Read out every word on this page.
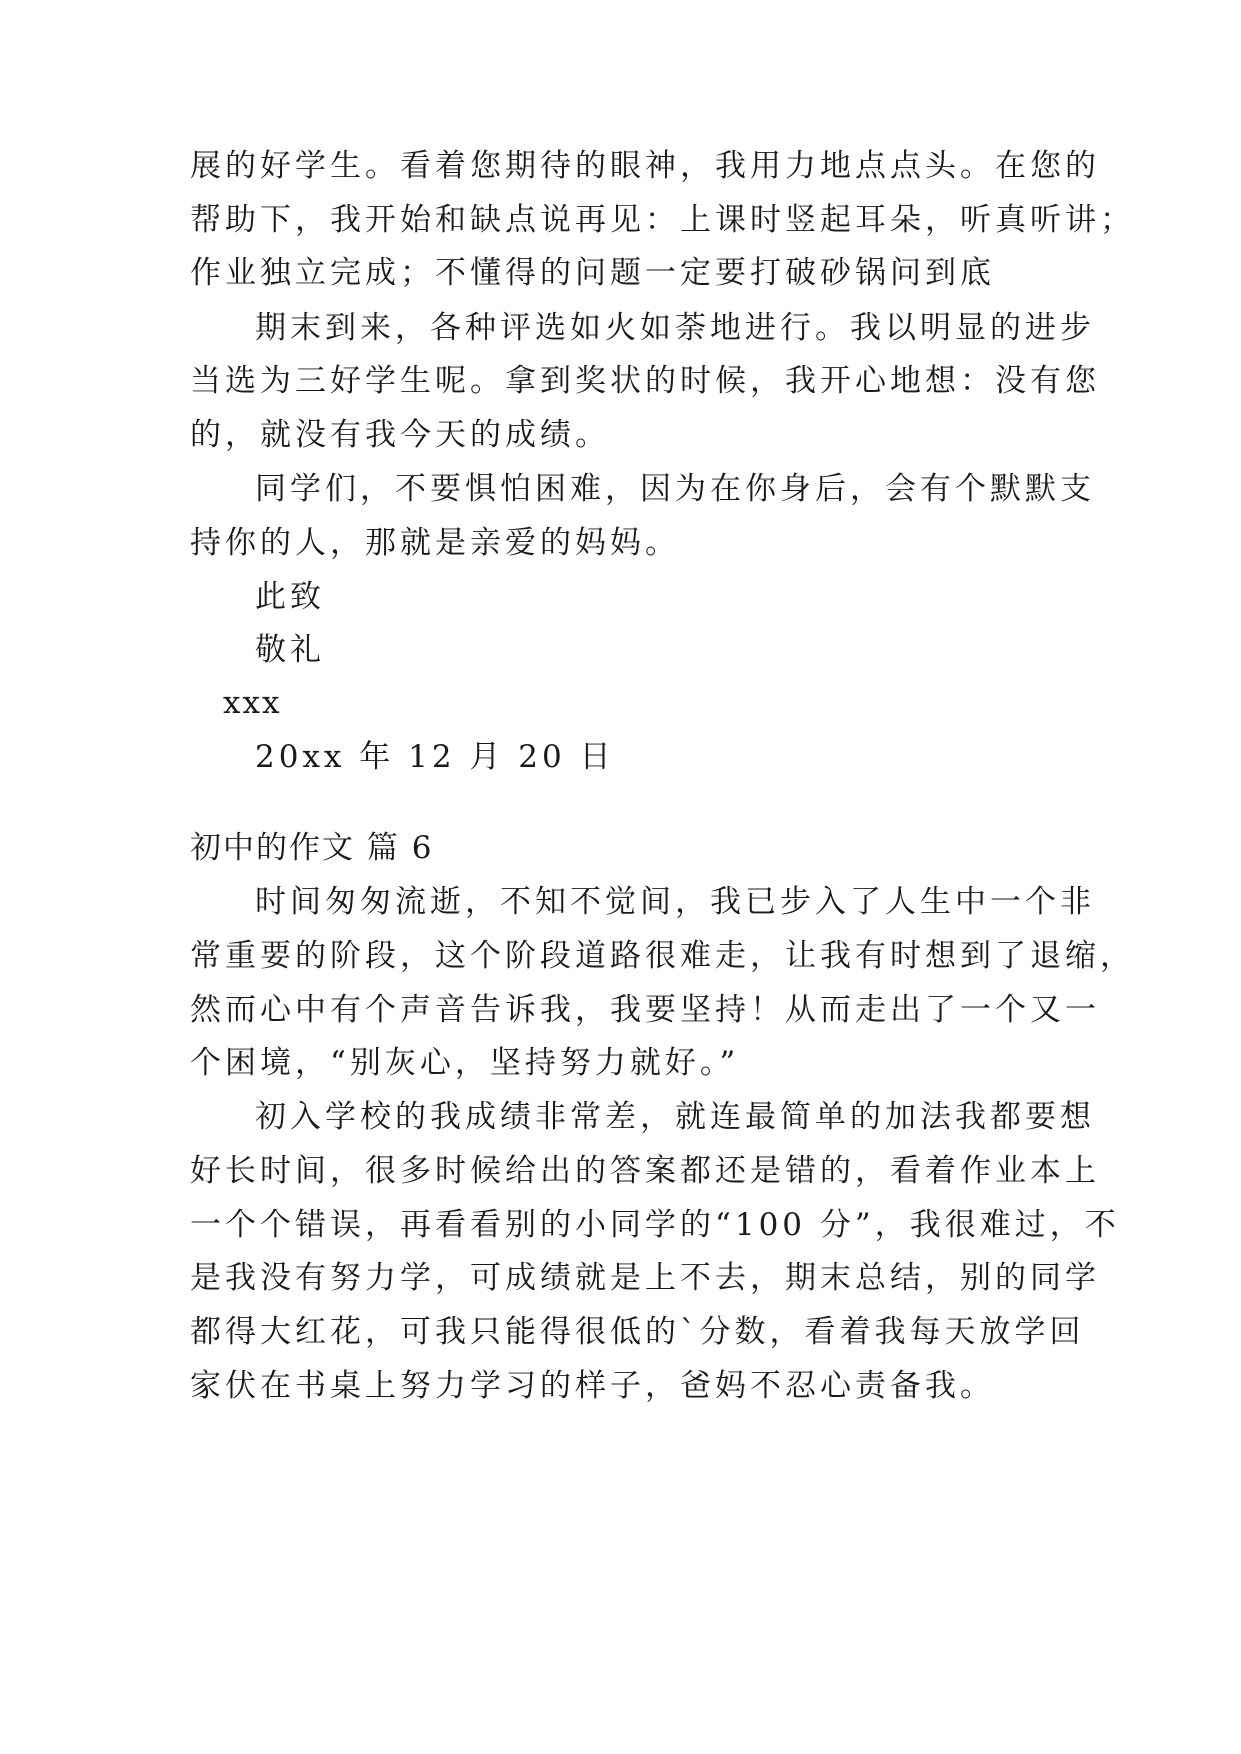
展的好学生。看着您期待的眼神，我用力地点点头。在您的
帮助下，我开始和缺点说再见：上课时竖起耳朵，听真听讲；
作业独立完成；不懂得的问题一定要打破砂锅问到底
期末到来，各种评选如火如荼地进行。我以明显的进步
当选为三好学生呢。拿到奖状的时候，我开心地想：没有您
的，就没有我今天的成绩。
同学们，不要惧怕困难，因为在你身后，会有个默默支
持你的人，那就是亲爱的妈妈。
此致
敬礼
xxx
20xx 年 12 月 20 日
初中的作文 篇 6
时间匆匆流逝，不知不觉间，我已步入了人生中一个非
常重要的阶段，这个阶段道路很难走，让我有时想到了退缩，
然而心中有个声音告诉我，我要坚持！从而走出了一个又一
个困境，“别灰心，坚持努力就好。”
初入学校的我成绩非常差，就连最简单的加法我都要想
好长时间，很多时候给出的答案都还是错的，看着作业本上
一个个错误，再看看别的小同学的“100 分”，我很难过，不
是我没有努力学，可成绩就是上不去，期末总结，别的同学
都得大红花，可我只能得很低的`分数，看着我每天放学回
家伏在书桌上努力学习的样子，爸妈不忍心责备我。
